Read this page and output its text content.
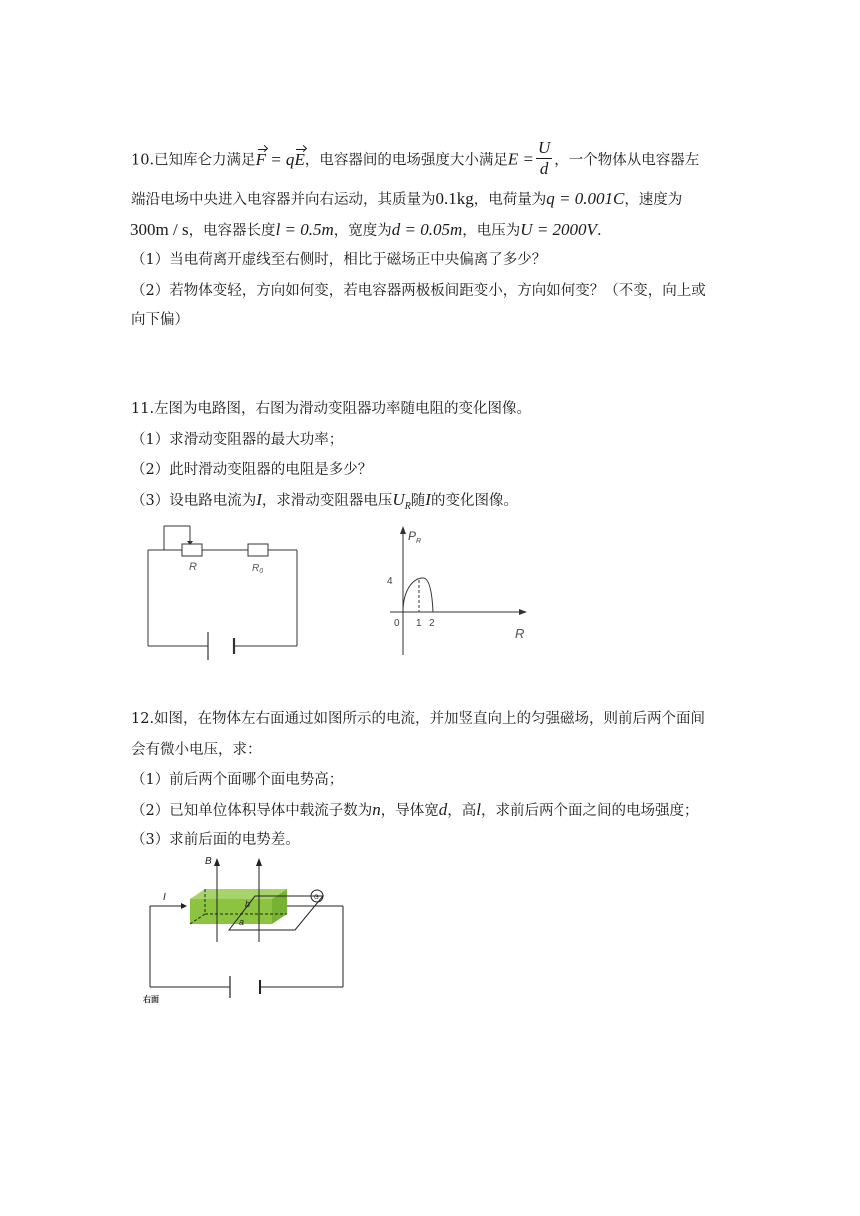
10.已知库仑力满足F = qE，电容器间的电场强度大小满足$E = \frac{U}{d}$ ，一个物体从电容器左
端沿电场中央进入电容器并向右运动，其质量为0.1kg，电荷量为q = 0.001C，速度为
300m / s，电容器长度l = 0.5m，宽度为d = 0.05m，电压为U = 2000V.
（1）当电荷离开虚线至右侧时，相比于磁场正中央偏离了多少？
（2）若物体变轻，方向如何变，若电容器两极板间距变小，方向如何变？（不变，向上或
向下偏）
11.左图为电路图，右图为滑动变阻器功率随电阻的变化图像。
（1）求滑动变阻器的最大功率；
（2）此时滑动变阻器的电阻是多少？
（3）设电路电流为I，求滑动变阻器电压$U_R$随I的变化图像。
R	$R_0$
$P_R$
4
0 1 2
R
12.如图，在物体左右面通过如图所示的电流，并加竖直向上的匀强磁场，则前后两个面间
会有微小电压，求：
（1）前后两个面哪个面电势高；
（2）已知单位体积导体中载流子数为n，导体宽d，高l，求前后两个面之间的电场强度；
（3）求前后面的电势差。
B
I
b
a
G
右面
